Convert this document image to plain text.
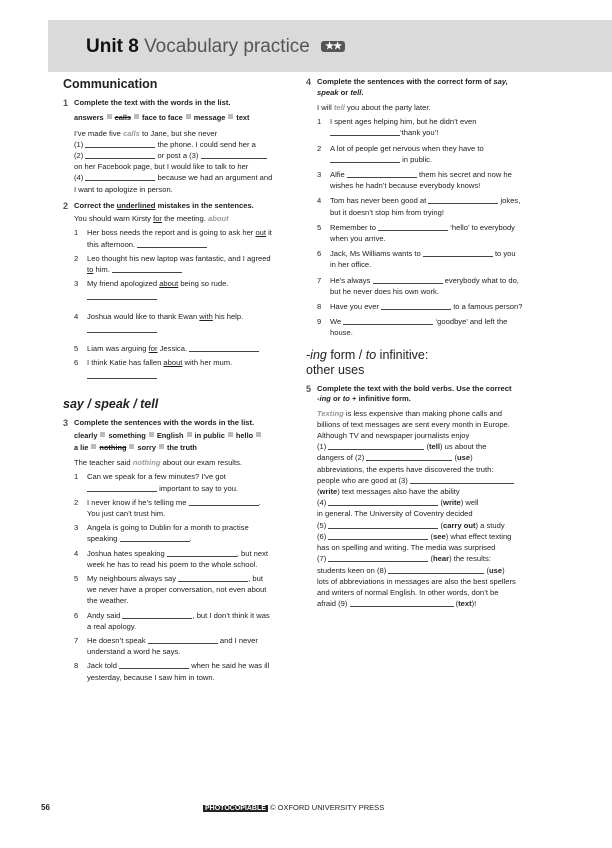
Unit 8 Vocabulary practice ★★
Communication
1 Complete the text with the words in the list.
answers calls face to face message text
I’ve made five calls to Jane, but she never
(1)	the phone. I could send her a
(2)	or post a (3)
on her Facebook page, but I would like to talk to her
(4)	because we had an argument and
I want to apologize in person.
2 Correct the underlined mistakes in the sentences.
You should warn Kirsty for the meeting. about
1	Her boss needs the report and is going to ask her out it
this afternoon.
2	Leo thought his new laptop was fantastic, and I agreed
to him.
3	My friend apologized about being so rude.

4	Joshua would like to thank Ewan with his help.

5	Liam was arguing for Jessica.
6	I think Katie has fallen about with her mum.

say / speak / tell
3 Complete the sentences with the words in the list.
clearly something English in public hello
a lie nothing sorry the truth
The teacher said nothing about our exam results.
1	Can we speak for a few minutes? I’ve got
important to say to you.
2	I never know if he’s telling me	.
You just can’t trust him.
3	Angela is going to Dublin for a month to practise
speaking	.
4	Joshua hates speaking	, but next
week he has to read his poem to the whole school.
5	My neighbours always say	, but
we never have a proper conversation, not even about
the weather.
6	Andy said	, but I don’t think it was
a real apology.
7	He doesn’t speak	and I never
understand a word he says.
8	Jack told	when he said he was ill
yesterday, because I saw him in town.
4 Complete the sentences with the correct form of say,
speak or tell.
I will tell you about the party later.
1	I spent ages helping him, but he didn’t even
‘thank you’!
2	A lot of people get nervous when they have to
in public.
3	Alfie	them his secret and now he
wishes he hadn’t because everybody knows!
4	Tom has never been good at	jokes,
but it doesn’t stop him from trying!
5	Remember to	‘hello’ to everybody
when you arrive.
6	Jack, Ms Williams wants to	to you
in her office.
7	He’s always	everybody what to do,
but he never does his own work.
8	Have you ever	to a famous person?
9	We	‘goodbye’ and left the house.
-ing form / to infinitive:
other uses
5 Complete the text with the bold verbs. Use the correct
-ing or to + infinitive form.
Texting is less expensive than making phone calls and
billions of text messages are sent every month in Europe.
Although TV and newspaper journalists enjoy
(1)	(tell) us about the
dangers of (2)	(use)
abbreviations, the experts have discovered the truth:
people who are good at (3)
(write) text messages also have the ability
(4)	(write) well
in general. The University of Coventry decided
(5)	(carry out) a study
(6)	(see) what effect texting
has on spelling and writing. The media was surprised
(7)	(hear) the results:
students keen on (8)	(use)
lots of abbreviations in messages are also the best spellers
and writers of normal English. In other words, don’t be
afraid (9)	(text)!
56	PHOTOCOPIABLE © OXFORD UNIVERSITY PRESS
